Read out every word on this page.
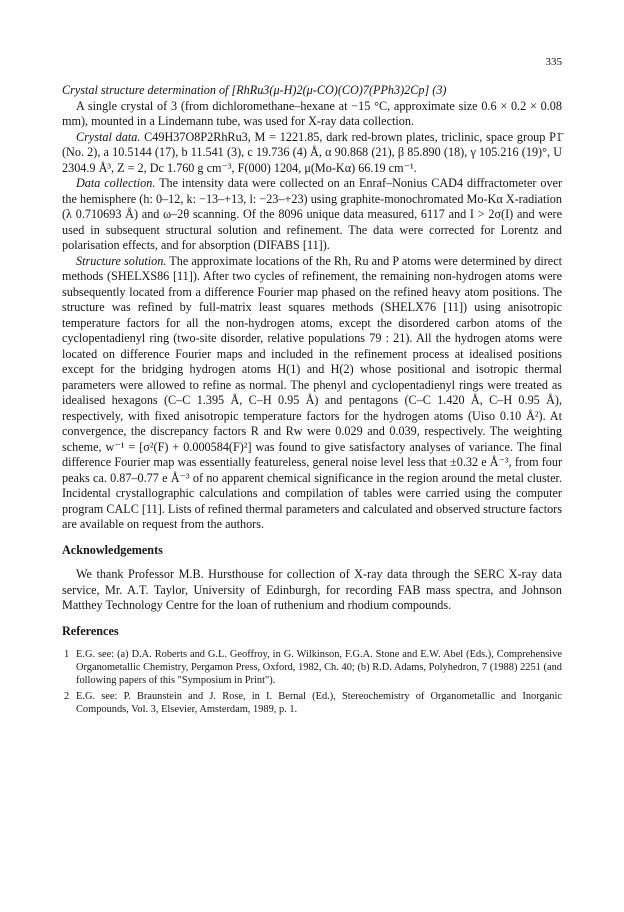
335

Crystal structure determination of [RhRu3(μ-H)2(μ-CO)(CO)7(PPh3)2Cp] (3)

A single crystal of 3 (from dichloromethane–hexane at −15 °C, approximate size 0.6 × 0.2 × 0.08 mm), mounted in a Lindemann tube, was used for X-ray data collection.

Crystal data. C49H37O8P2RhRu3, M = 1221.85, dark red-brown plates, triclinic, space group P1̄ (No. 2), a 10.5144 (17), b 11.541 (3), c 19.736 (4) Å, α 90.868 (21), β 85.890 (18), γ 105.216 (19)°, U 2304.9 Å³, Z = 2, Dc 1.760 g cm⁻³, F(000) 1204, μ(Mo-Kα) 66.19 cm⁻¹.

Data collection. The intensity data were collected on an Enraf–Nonius CAD4 diffractometer over the hemisphere (h: 0–12, k: −13–+13, l: −23–+23) using graphite-monochromated Mo-Kα X-radiation (λ 0.710693 Å) and ω–2θ scanning. Of the 8096 unique data measured, 6117 and I > 2σ(I) and were used in subsequent structural solution and refinement. The data were corrected for Lorentz and polarisation effects, and for absorption (DIFABS [11]).

Structure solution. The approximate locations of the Rh, Ru and P atoms were determined by direct methods (SHELXS86 [11]). After two cycles of refinement, the remaining non-hydrogen atoms were subsequently located from a difference Fourier map phased on the refined heavy atom positions. The structure was refined by full-matrix least squares methods (SHELX76 [11]) using anisotropic temperature factors for all the non-hydrogen atoms, except the disordered carbon atoms of the cyclopentadienyl ring (two-site disorder, relative populations 79 : 21). All the hydrogen atoms were located on difference Fourier maps and included in the refinement process at idealised positions except for the bridging hydrogen atoms H(1) and H(2) whose positional and isotropic thermal parameters were allowed to refine as normal. The phenyl and cyclopentadienyl rings were treated as idealised hexagons (C–C 1.395 Å, C–H 0.95 Å) and pentagons (C–C 1.420 Å, C–H 0.95 Å), respectively, with fixed anisotropic temperature factors for the hydrogen atoms (Uiso 0.10 Å²). At convergence, the discrepancy factors R and Rw were 0.029 and 0.039, respectively. The weighting scheme, w⁻¹ = [σ²(F) + 0.000584(F)²] was found to give satisfactory analyses of variance. The final difference Fourier map was essentially featureless, general noise level less that ±0.32 e Å⁻³, from four peaks ca. 0.87–0.77 e Å⁻³ of no apparent chemical significance in the region around the metal cluster. Incidental crystallographic calculations and compilation of tables were carried using the computer program CALC [11]. Lists of refined thermal parameters and calculated and observed structure factors are available on request from the authors.

Acknowledgements

We thank Professor M.B. Hursthouse for collection of X-ray data through the SERC X-ray data service, Mr. A.T. Taylor, University of Edinburgh, for recording FAB mass spectra, and Johnson Matthey Technology Centre for the loan of ruthenium and rhodium compounds.

References

1 E.G. see: (a) D.A. Roberts and G.L. Geoffroy, in G. Wilkinson, F.G.A. Stone and E.W. Abel (Eds.), Comprehensive Organometallic Chemistry, Pergamon Press, Oxford, 1982, Ch. 40; (b) R.D. Adams, Polyhedron, 7 (1988) 2251 (and following papers of this "Symposium in Print").
2 E.G. see: P. Braunstein and J. Rose, in I. Bernal (Ed.), Stereochemistry of Organometallic and Inorganic Compounds, Vol. 3, Elsevier, Amsterdam, 1989, p. 1.
